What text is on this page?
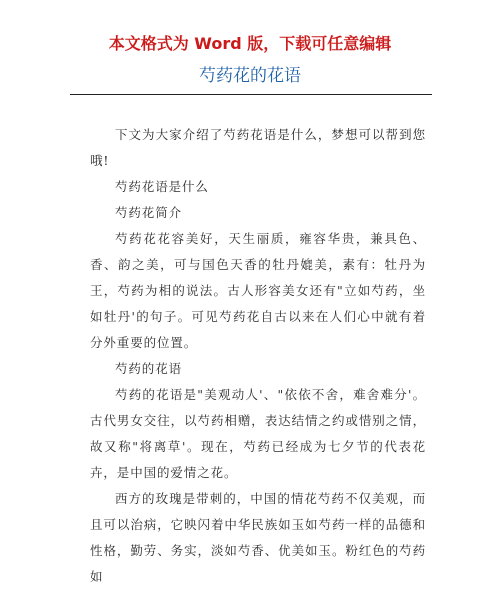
本文格式为 Word 版，下载可任意编辑
芍药花的花语

下文为大家介绍了芍药花语是什么，梦想可以帮到您哦!

芍药花语是什么

芍药花简介

芍药花花容美好，天生丽质，雍容华贵，兼具色、香、韵之美，可与国色天香的牡丹媲美，素有：牡丹为王，芍药为相的说法。古人形容美女还有"立如芍药，坐如牡丹'的句子。可见芍药花自古以来在人们心中就有着分外重要的位置。

芍药的花语

芍药的花语是"美观动人'、"依依不舍，难舍难分'。古代男女交往，以芍药相赠，表达结情之约或惜别之情，故又称"将离草'。现在，芍药已经成为七夕节的代表花卉，是中国的爱情之花。

西方的玫瑰是带刺的，中国的情花芍药不仅美观，而且可以治病，它映闪着中华民族如玉如芍药一样的品德和性格，勤劳、务实，淡如芍香、优美如玉。粉红色的芍药如
